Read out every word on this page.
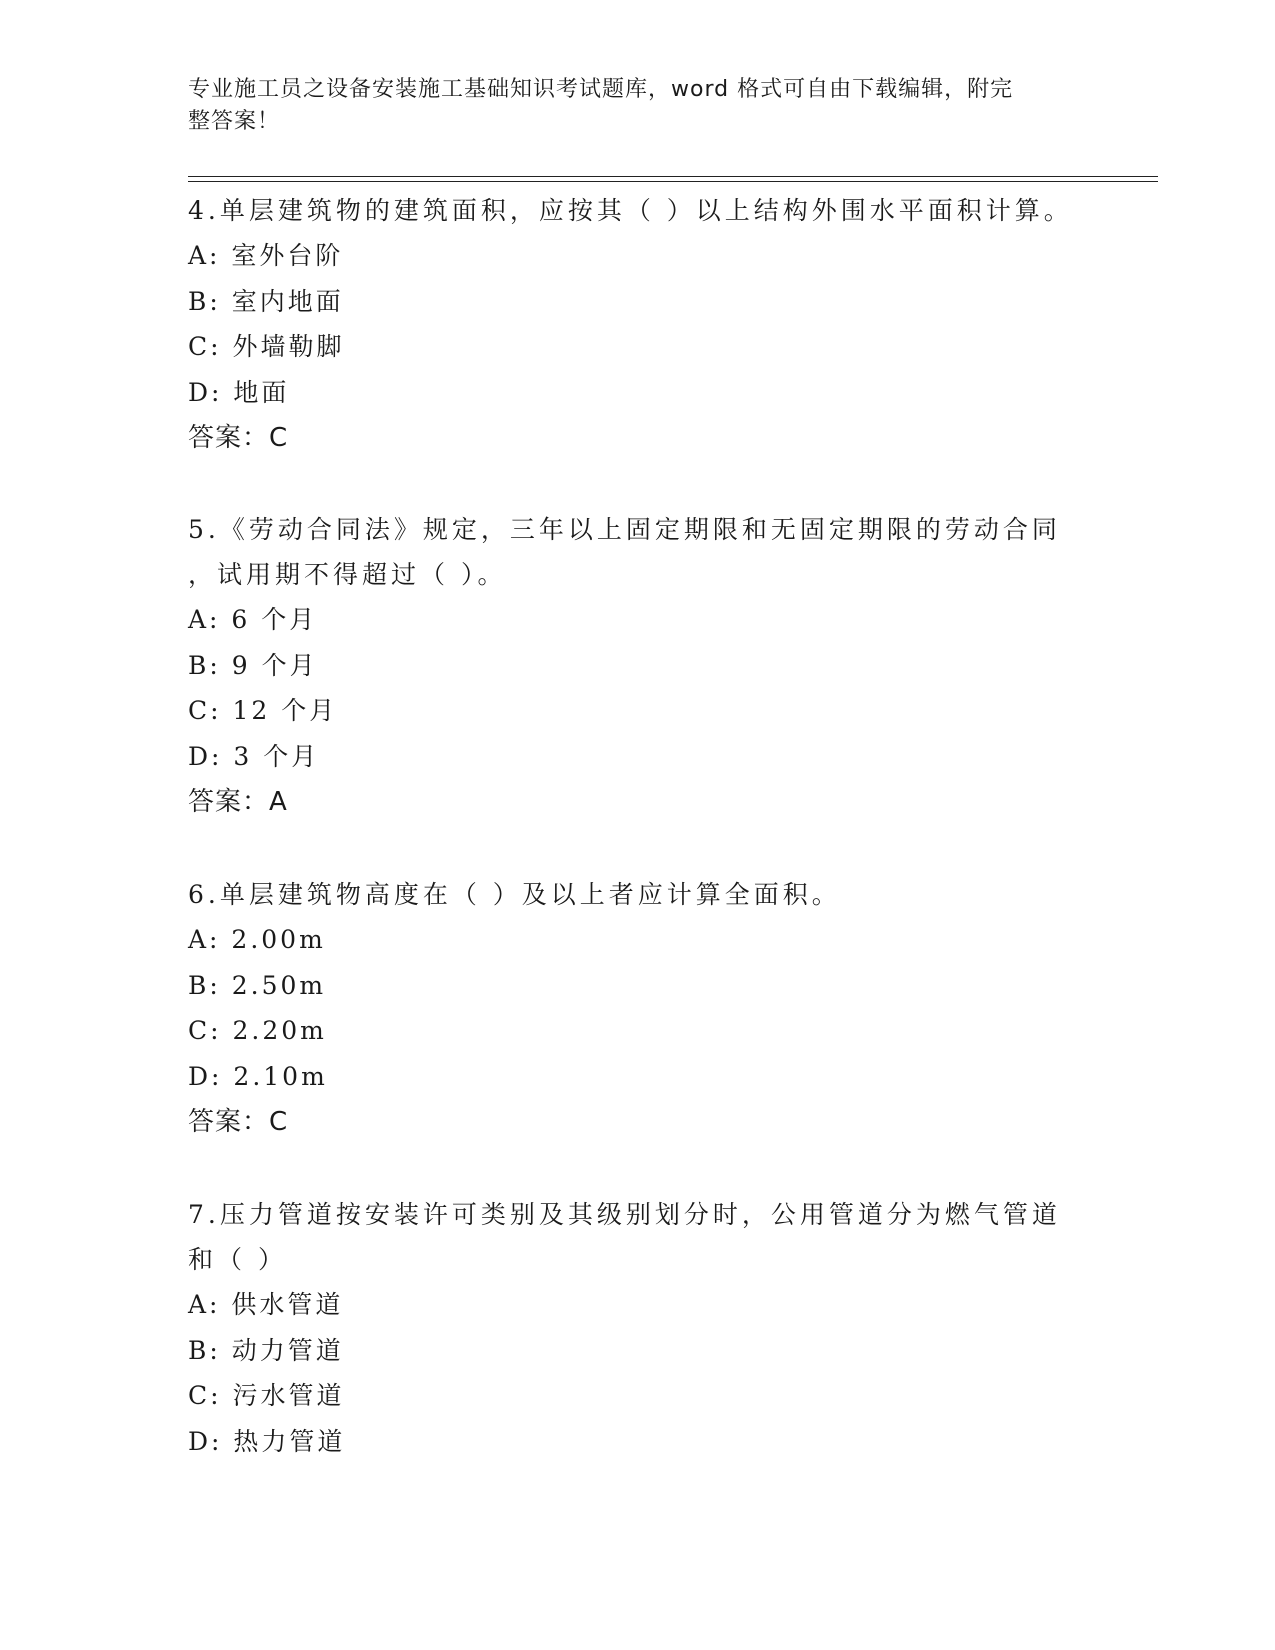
专业施工员之设备安装施工基础知识考试题库，word 格式可自由下载编辑，附完
整答案！
4.单层建筑物的建筑面积，应按其（ ）以上结构外围水平面积计算。
A: 室外台阶
B: 室内地面
C: 外墙勒脚
D: 地面
答案：C
5.《劳动合同法》规定，三年以上固定期限和无固定期限的劳动合同
，试用期不得超过（ ）。
A: 6 个月
B: 9 个月
C: 12 个月
D: 3 个月
答案：A
6.单层建筑物高度在（ ）及以上者应计算全面积。
A: 2.00m
B: 2.50m
C: 2.20m
D: 2.10m
答案：C
7.压力管道按安装许可类别及其级别划分时，公用管道分为燃气管道
和（ ）
A: 供水管道
B: 动力管道
C: 污水管道
D: 热力管道
